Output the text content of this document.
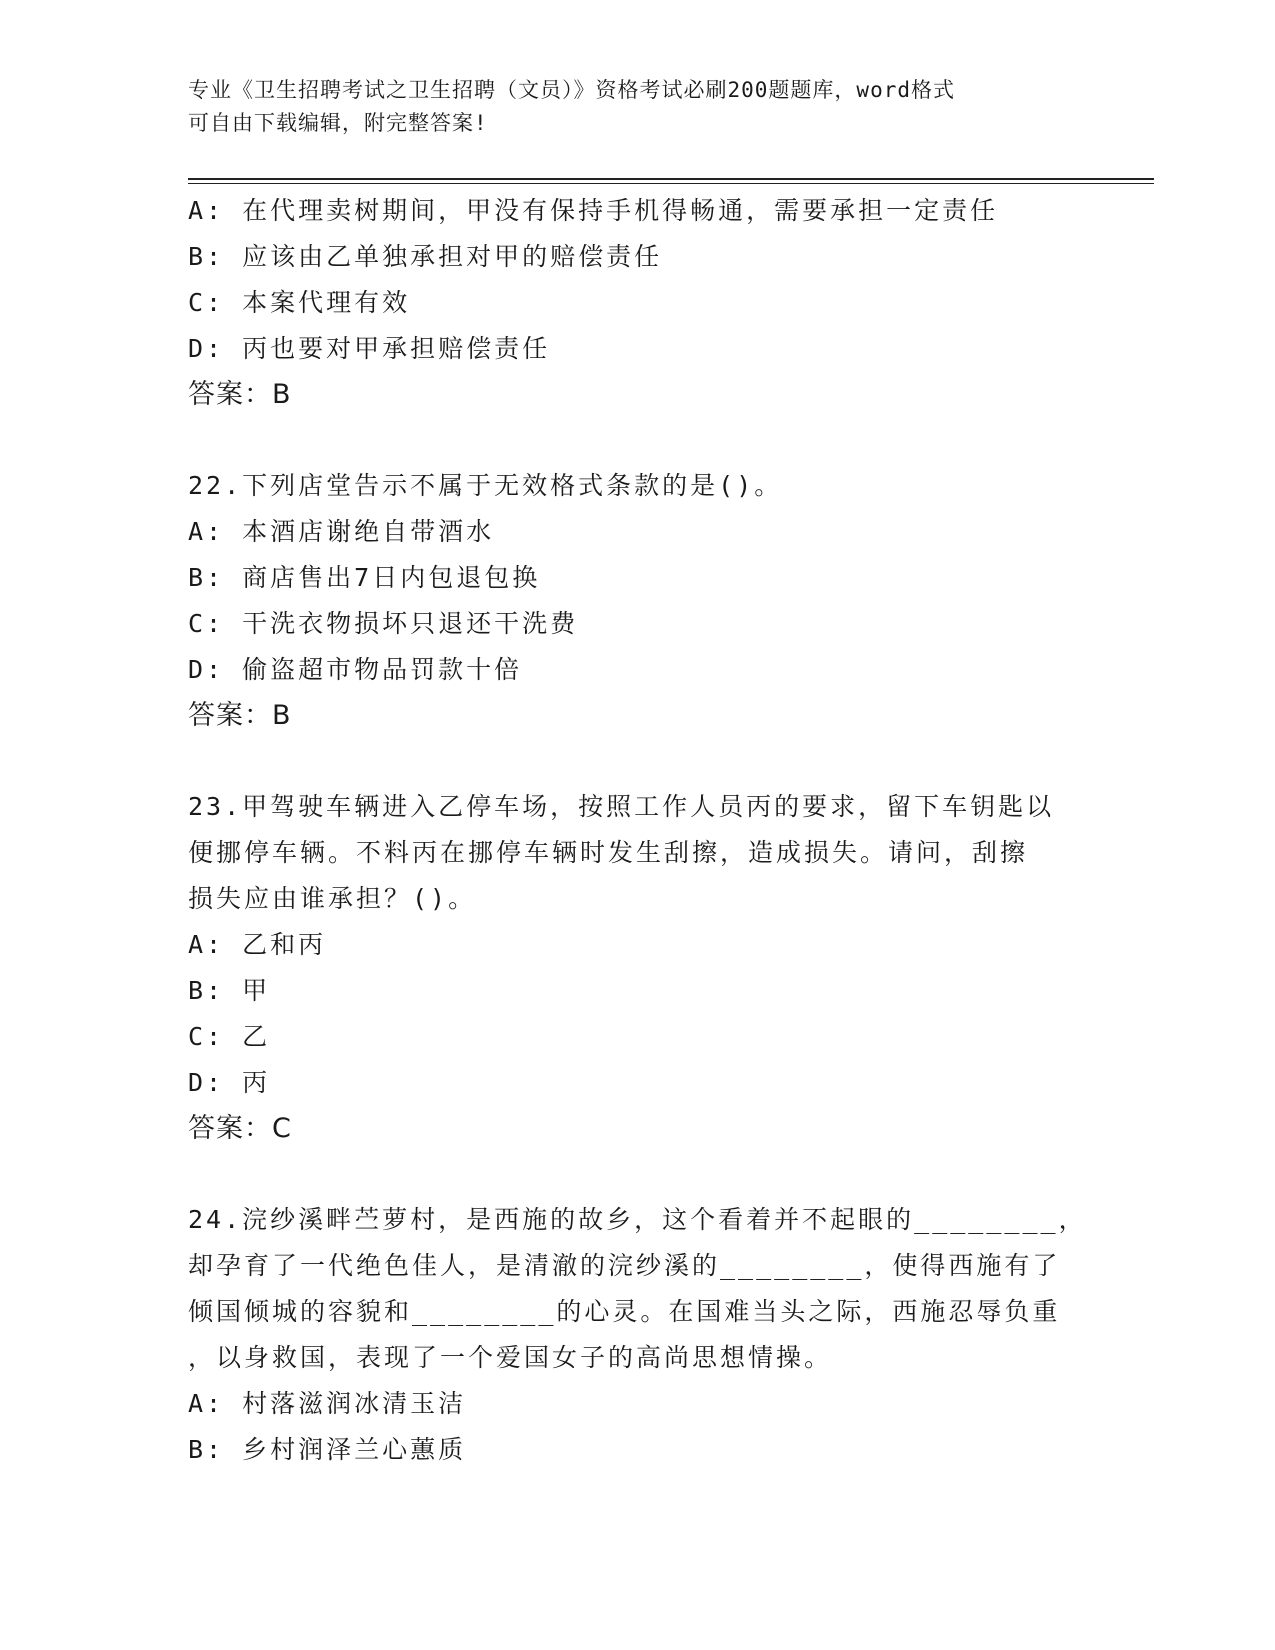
专业《卫生招聘考试之卫生招聘（文员）》资格考试必刷200题题库，word格式
可自由下载编辑，附完整答案!
A: 在代理卖树期间，甲没有保持手机得畅通，需要承担一定责任
B: 应该由乙单独承担对甲的赔偿责任
C: 本案代理有效
D: 丙也要对甲承担赔偿责任
答案：B
22.下列店堂告示不属于无效格式条款的是()。
A: 本酒店谢绝自带酒水
B: 商店售出7日内包退包换
C: 干洗衣物损坏只退还干洗费
D: 偷盗超市物品罚款十倍
答案：B
23.甲驾驶车辆进入乙停车场，按照工作人员丙的要求，留下车钥匙以
便挪停车辆。不料丙在挪停车辆时发生刮擦，造成损失。请问，刮擦
损失应由谁承担？()。
A: 乙和丙
B: 甲
C: 乙
D: 丙
答案：C
24.浣纱溪畔苎萝村，是西施的故乡，这个看着并不起眼的________，
却孕育了一代绝色佳人，是清澈的浣纱溪的________，使得西施有了
倾国倾城的容貌和________的心灵。在国难当头之际，西施忍辱负重
，以身救国，表现了一个爱国女子的高尚思想情操。
A: 村落滋润冰清玉洁
B: 乡村润泽兰心蕙质
